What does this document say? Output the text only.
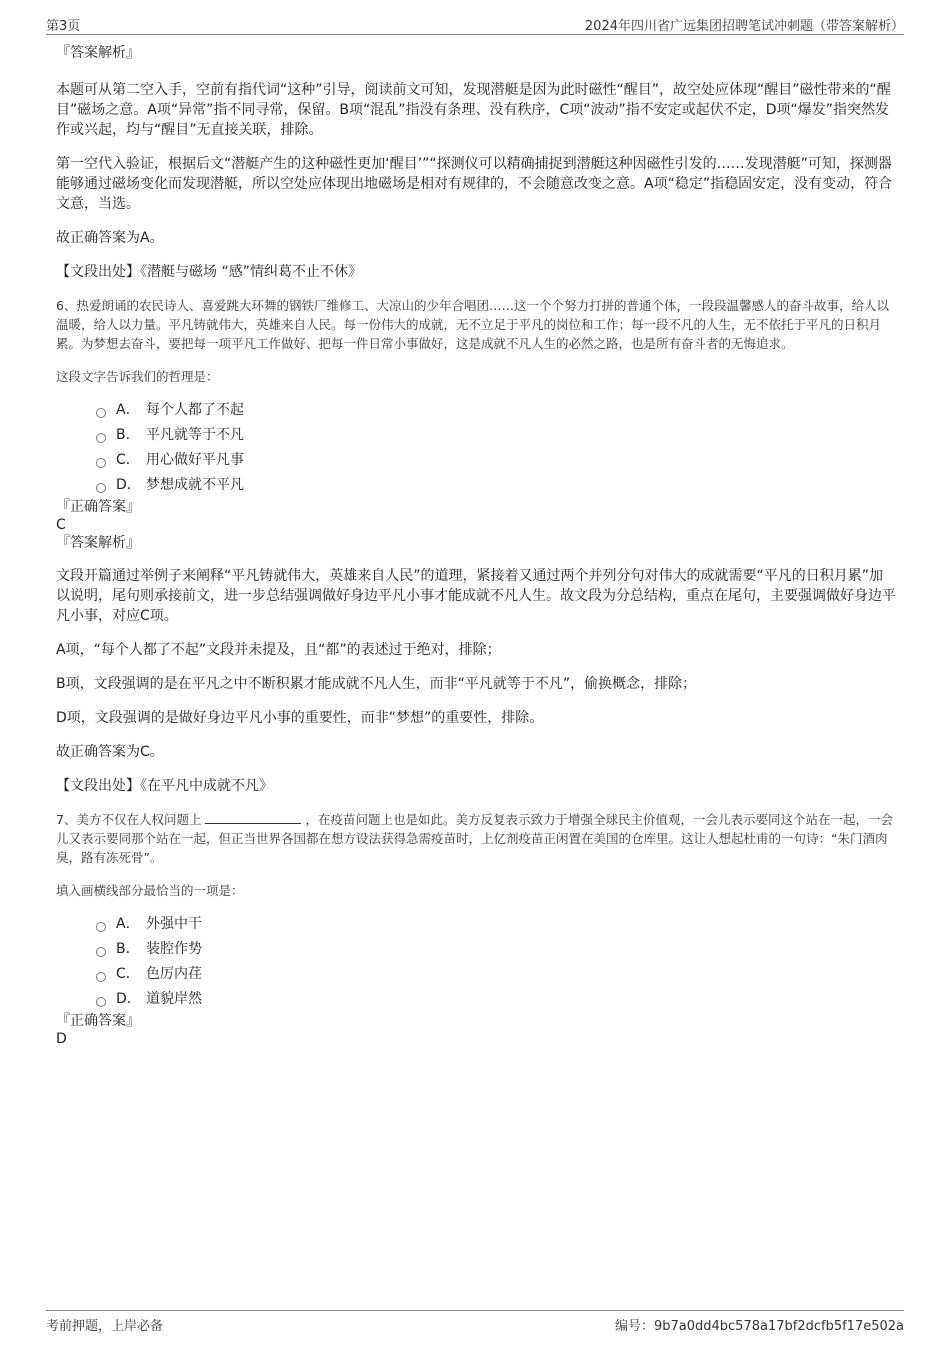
第3页	2024年四川省广远集团招聘笔试冲刺题（带答案解析）

『答案解析』

本题可从第二空入手，空前有指代词“这种”引导，阅读前文可知，发现潜艇是因为此时磁性“醒目”，故空处应体现“醒目”磁性带来的“醒目”磁场之意。A项“异常”指不同寻常，保留。B项“混乱”指没有条理、没有秩序，C项“波动”指不安定或起伏不定，D项“爆发”指突然发作或兴起，均与“醒目”无直接关联，排除。

第一空代入验证，根据后文“潜艇产生的这种磁性更加‘醒目’”“探测仪可以精确捕捉到潜艇这种因磁性引发的……发现潜艇”可知，探测器能够通过磁场变化而发现潜艇，所以空处应体现出地磁场是相对有规律的，不会随意改变之意。A项“稳定”指稳固安定，没有变动，符合文意，当选。

故正确答案为A。

【文段出处】《潜艇与磁场 “感”情纠葛不止不休》

6、热爱朗诵的农民诗人、喜爱跳大环舞的钢铁厂维修工、大凉山的少年合唱团……这一个个努力打拼的普通个体，一段段温馨感人的奋斗故事，给人以温暖，给人以力量。平凡铸就伟大，英雄来自人民。每一份伟大的成就，无不立足于平凡的岗位和工作；每一段不凡的人生，无不依托于平凡的日积月累。为梦想去奋斗，要把每一项平凡工作做好、把每一件日常小事做好，这是成就不凡人生的必然之路，也是所有奋斗者的无悔追求。

这段文字告诉我们的哲理是：

A． 每个人都了不起
B． 平凡就等于不凡
C． 用心做好平凡事
D． 梦想成就不平凡

『正确答案』

C

『答案解析』

文段开篇通过举例子来阐释“平凡铸就伟大，英雄来自人民”的道理，紧接着又通过两个并列分句对伟大的成就需要“平凡的日积月累”加以说明，尾句则承接前文，进一步总结强调做好身边平凡小事才能成就不凡人生。故文段为分总结构，重点在尾句，主要强调做好身边平凡小事，对应C项。

A项，“每个人都了不起”文段并未提及，且“都”的表述过于绝对，排除；

B项，文段强调的是在平凡之中不断积累才能成就不凡人生，而非“平凡就等于不凡”，偷换概念，排除；

D项，文段强调的是做好身边平凡小事的重要性，而非“梦想”的重要性，排除。

故正确答案为C。

【文段出处】《在平凡中成就不凡》

7、美方不仅在人权问题上	，在疫苗问题上也是如此。美方反复表示致力于增强全球民主价值观，一会儿表示要同这个站在一起，一会儿又表示要同那个站在一起，但正当世界各国都在想方设法获得急需疫苗时，上亿剂疫苗正闲置在美国的仓库里。这让人想起杜甫的一句诗：“朱门酒肉臭，路有冻死骨”。

填入画横线部分最恰当的一项是：

A． 外强中干
B． 装腔作势
C． 色厉内荏
D． 道貌岸然

『正确答案』

D

考前押题，上岸必备	编号：9b7a0dd4bc578a17bf2dcfb5f17e502a
